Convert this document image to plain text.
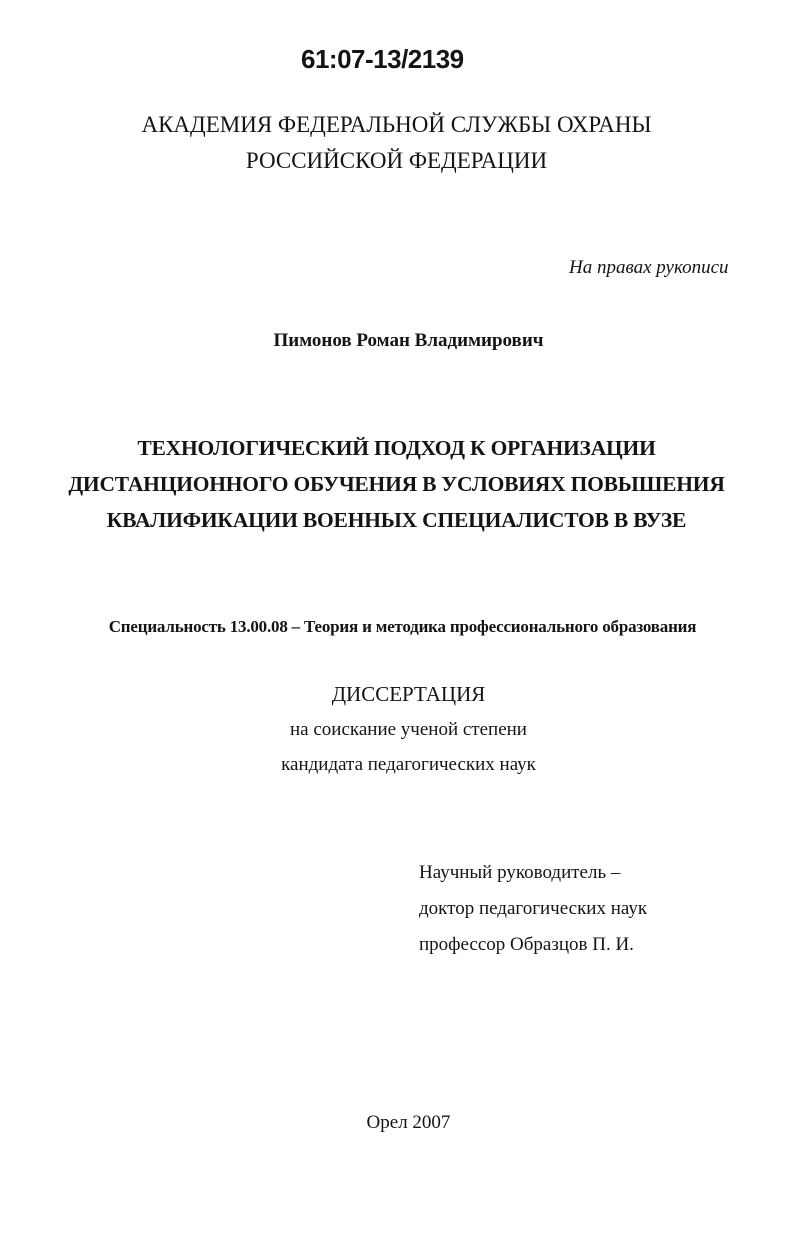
61:07-13/2139
АКАДЕМИЯ ФЕДЕРАЛЬНОЙ СЛУЖБЫ ОХРАНЫ
РОССИЙСКОЙ ФЕДЕРАЦИИ
На правах рукописи
Пимонов Роман Владимирович
ТЕХНОЛОГИЧЕСКИЙ ПОДХОД К ОРГАНИЗАЦИИ
ДИСТАНЦИОННОГО ОБУЧЕНИЯ В УСЛОВИЯХ ПОВЫШЕНИЯ
КВАЛИФИКАЦИИ ВОЕННЫХ СПЕЦИАЛИСТОВ В ВУЗЕ
Специальность 13.00.08 – Теория и методика профессионального образования
ДИССЕРТАЦИЯ
на соискание ученой степени
кандидата педагогических наук
Научный руководитель –
доктор педагогических наук
профессор Образцов П. И.
Орел 2007
